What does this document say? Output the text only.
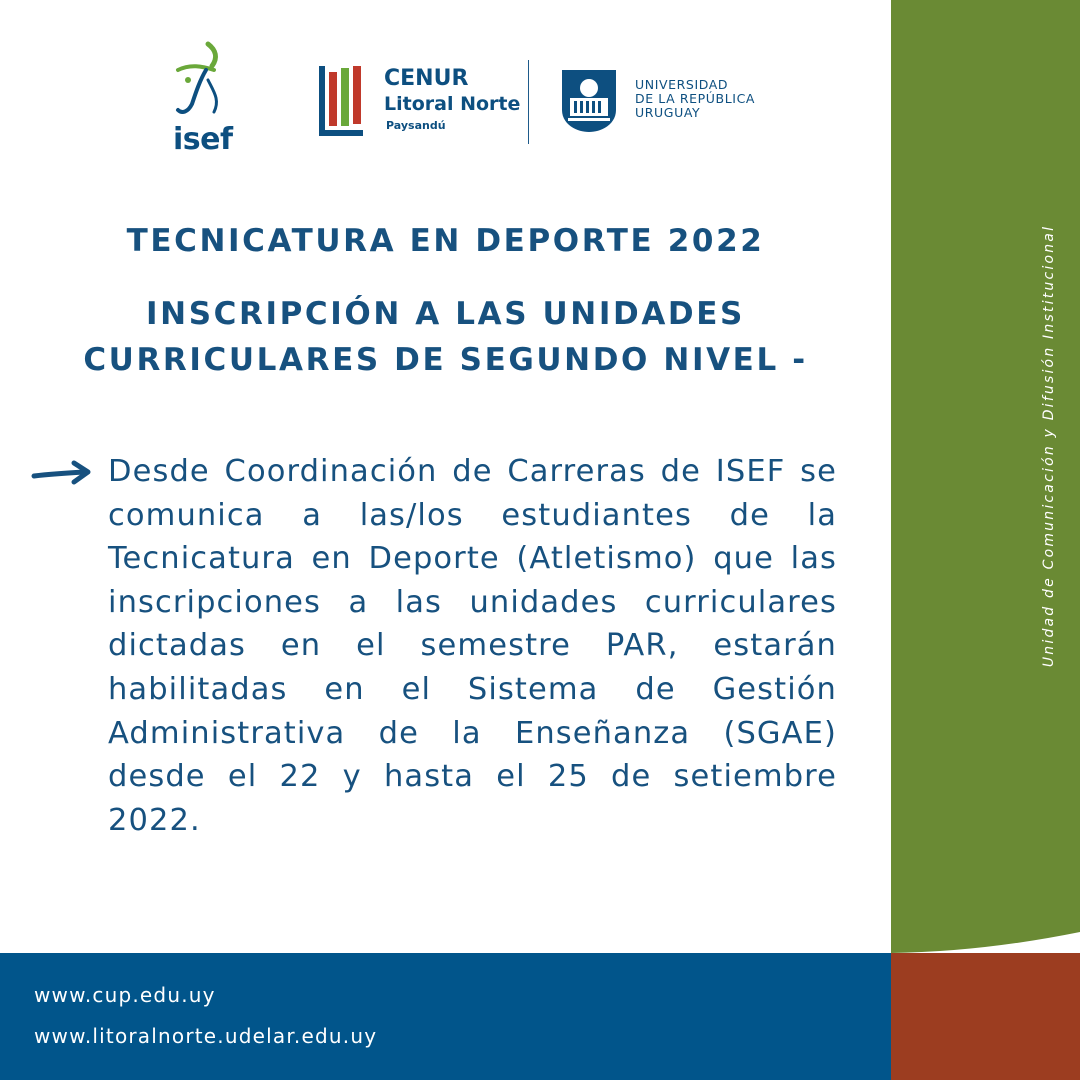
Unidad de Comunicación y Difusión Institucional
isef
CENUR
Litoral Norte
Paysandú
UNIVERSIDAD
DE LA REPÚBLICA
URUGUAY
TECNICATURA EN DEPORTE 2022
INSCRIPCIÓN A LAS UNIDADES
CURRICULARES DE SEGUNDO NIVEL -
Desde Coordinación de Carreras de ISEF se comunica a las/los estudiantes de la Tecnicatura en Deporte (Atletismo) que las inscripciones a las unidades curriculares dictadas en el semestre PAR, estarán habilitadas en el Sistema de Gestión Administrativa de la Enseñanza (SGAE) desde el 22 y hasta el 25 de setiembre 2022.
www.cup.edu.uy
www.litoralnorte.udelar.edu.uy
